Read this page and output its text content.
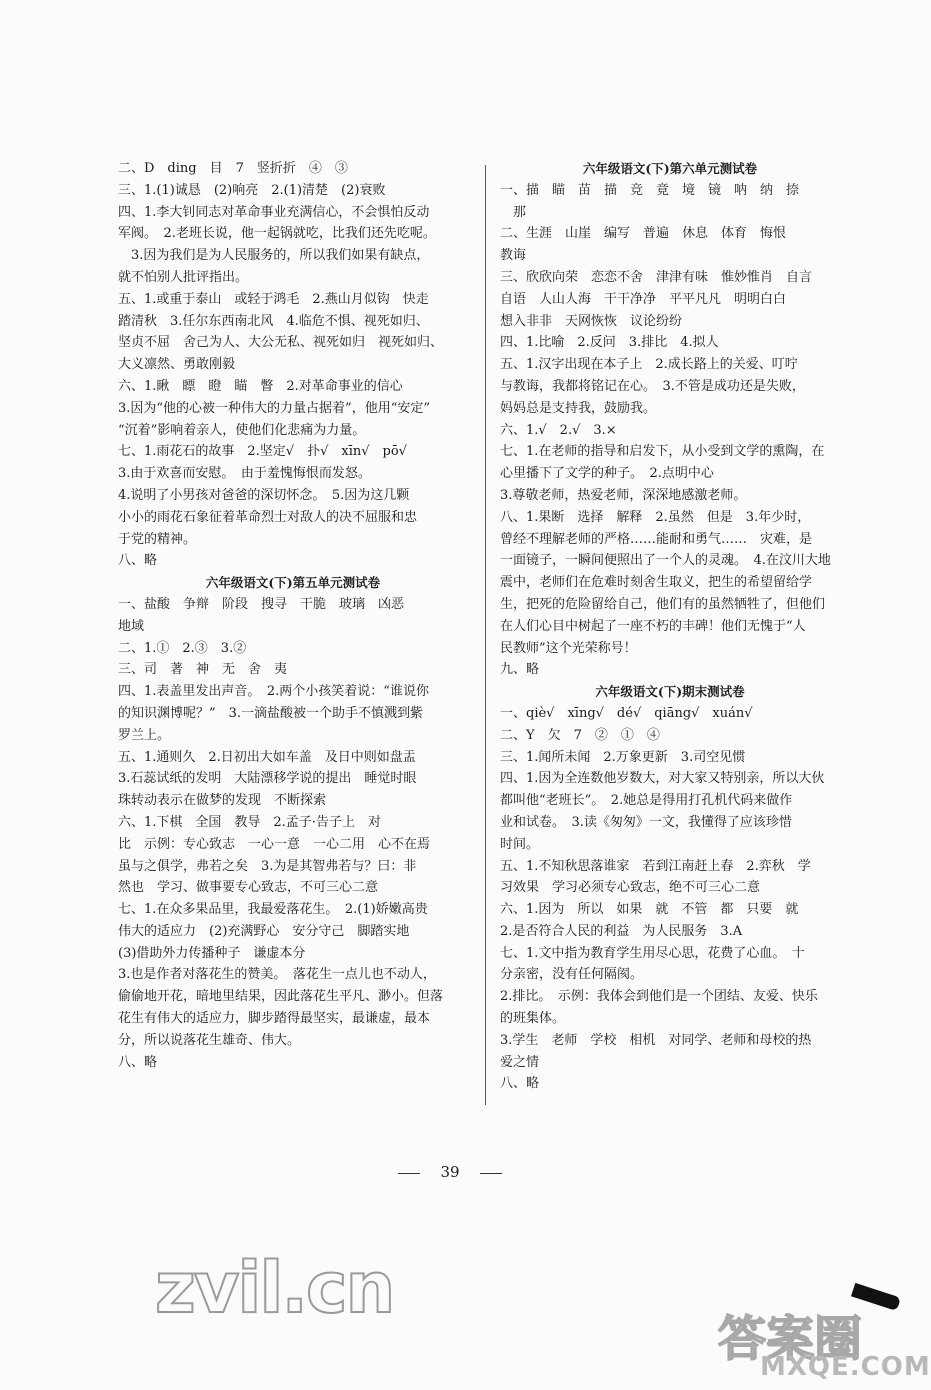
二、D　ding　目　7　竖折折　④　③
三、1.(1)诚恳　(2)响亮　2.(1)清楚　(2)衰败
四、1.李大钊同志对革命事业充满信心，不会惧怕反动
军阀。　2.老班长说，他一起锅就吃，比我们还先吃呢。
　3.因为我们是为人民服务的，所以我们如果有缺点，
就不怕别人批评指出。
五、1.或重于泰山　或轻于鸿毛　2.燕山月似钩　快走
踏清秋　3.任尔东西南北风　4.临危不惧、视死如归、
坚贞不屈　舍己为人、大公无私、视死如归　视死如归、
大义凛然、勇敢刚毅
六、1.瞅　瞟　瞪　瞄　瞥　2.对革命事业的信心
3.因为“他的心被一种伟大的力量占据着”，他用“安定”
“沉着”影响着亲人，使他们化悲痛为力量。
七、1.雨花石的故事　2.坚定√　扑√　xīn√　pō√
3.由于欢喜而安慰。　由于羞愧悔恨而发怒。
4.说明了小男孩对爸爸的深切怀念。　5.因为这几颗
小小的雨花石象征着革命烈士对敌人的决不屈服和忠
于党的精神。
八、略
六年级语文(下)第五单元测试卷
一、盐酸　争辩　阶段　搜寻　干脆　玻璃　凶恶
地域
二、1.①　2.③　3.②
三、司　著　神　无　舍　夷
四、1.表盖里发出声音。　2.两个小孩笑着说：“谁说你
的知识渊博呢？”　3.一滴盐酸被一个助手不慎溅到紫
罗兰上。
五、1.通则久　2.日初出大如车盖　及日中则如盘盂
3.石蕊试纸的发明　大陆漂移学说的提出　睡觉时眼
珠转动表示在做梦的发现　不断探索
六、1.下棋　全国　教导　2.孟子·告子上　对
比　示例：专心致志　一心一意　一心二用　心不在焉
虽与之俱学，弗若之矣　3.为是其智弗若与？曰：非
然也　学习、做事要专心致志，不可三心二意
七、1.在众多果品里，我最爱落花生。　2.(1)娇嫩高贵
伟大的适应力　(2)充满野心　安分守己　脚踏实地
(3)借助外力传播种子　谦虚本分
3.也是作者对落花生的赞美。　落花生一点儿也不动人，
偷偷地开花，暗地里结果，因此落花生平凡、渺小。但落
花生有伟大的适应力，脚步踏得最坚实，最谦虚，最本
分，所以说落花生雄奇、伟大。
八、略
六年级语文(下)第六单元测试卷
一、描　瞄　苗　描　竞　竟　境　镜　呐　纳　捺
　那
二、生涯　山崖　编写　普遍　休息　体育　悔恨
教诲
三、欣欣向荣　恋恋不舍　津津有味　惟妙惟肖　自言
自语　人山人海　干干净净　平平凡凡　明明白白
想入非非　天网恢恢　议论纷纷
四、1.比喻　2.反问　3.排比　4.拟人
五、1.汉字出现在本子上　2.成长路上的关爱、叮咛
与教诲，我都将铭记在心。　3.不管是成功还是失败，
妈妈总是支持我，鼓励我。
六、1.√　2.√　3.×
七、1.在老师的指导和启发下，从小受到文学的熏陶，在
心里播下了文学的种子。　2.点明中心
3.尊敬老师，热爱老师，深深地感激老师。
八、1.果断　选择　解释　2.虽然　但是　3.年少时，
曾经不理解老师的严格……能耐和勇气……　灾难，是
一面镜子，一瞬间便照出了一个人的灵魂。　4.在汶川大地
震中，老师们在危难时刻舍生取义，把生的希望留给学
生，把死的危险留给自己，他们有的虽然牺牲了，但他们
在人们心目中树起了一座不朽的丰碑！他们无愧于“人
民教师”这个光荣称号！
九、略
六年级语文(下)期末测试卷
一、qiè√　xīng√　dé√　qiāng√　xuán√
二、Y　欠　7　②　①　④
三、1.闻所未闻　2.万象更新　3.司空见惯
四、1.因为全连数他岁数大，对大家又特别亲，所以大伙
都叫他“老班长”。　2.她总是得用打孔机代码来做作
业和试卷。　3.读《匆匆》一文，我懂得了应该珍惜
时间。
五、1.不知秋思落谁家　若到江南赶上春　2.弈秋　学
习效果　学习必须专心致志，绝不可三心二意
六、1.因为　所以　如果　就　不管　都　只要　就
2.是否符合人民的利益　为人民服务　3.A
七、1.文中指为教育学生用尽心思，花费了心血。　十
分亲密，没有任何隔阂。
2.排比。　示例：我体会到他们是一个团结、友爱、快乐
的班集体。
3.学生　老师　学校　相机　对同学、老师和母校的热
爱之情
八、略
39
zvil.cn
答案圈
MXQE.COM
